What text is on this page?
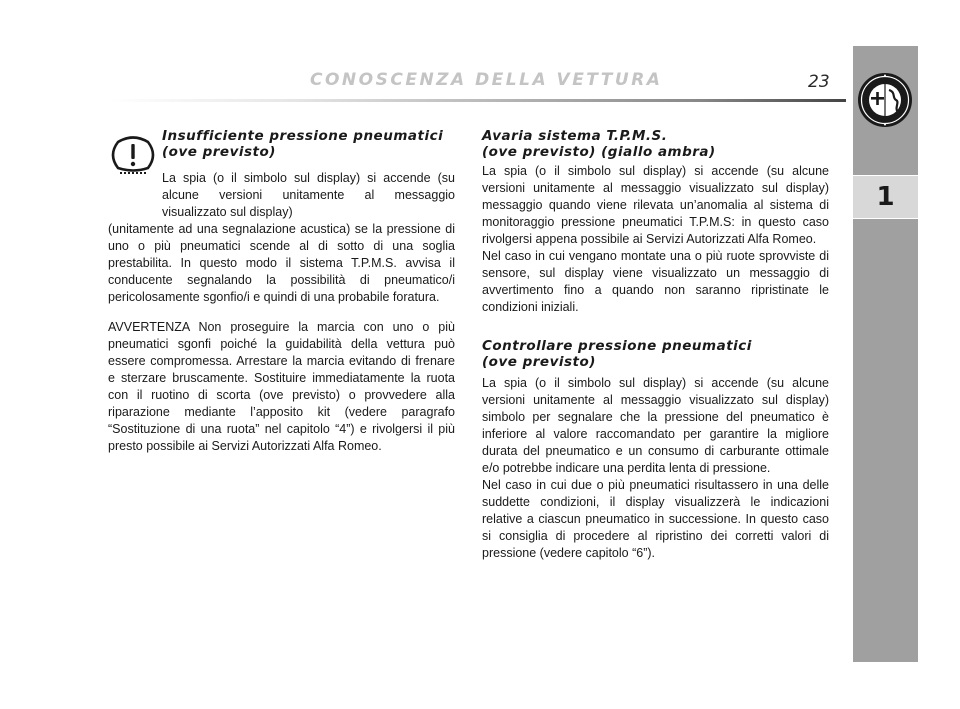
CONOSCENZA DELLA VETTURA	23
1
Insufficiente pressione pneumatici
(ove previsto)

La spia (o il simbolo sul display) si accende (su alcune versioni unitamente al messaggio visualizzato sul display)

(unitamente ad una segnalazione acustica) se la pressione di uno o più pneumatici scende al di sotto di una soglia prestabilita. In questo modo il sistema T.P.M.S. avvisa il conducente segnalando la possibilità di pneumatico/i pericolosamente sgonfio/i e quindi di una probabile foratura.

AVVERTENZA Non proseguire la marcia con uno o più pneumatici sgonfi poiché la guidabilità della vettura può essere compromessa. Arrestare la marcia evitando di frenare e sterzare bruscamente. Sostituire immediatamente la ruota con il ruotino di scorta (ove previsto) o provvedere alla riparazione mediante l’apposito kit (vedere paragrafo “Sostituzione di una ruota” nel capitolo “4”) e rivolgersi il più presto possibile ai Servizi Autorizzati Alfa Romeo.

Avaria sistema T.P.M.S.
(ove previsto) (giallo ambra)

La spia (o il simbolo sul display) si accende (su alcune versioni unitamente al messaggio visualizzato sul display) messaggio quando viene rilevata un’anomalia al sistema di monitoraggio pressione pneumatici T.P.M.S: in questo caso rivolgersi appena possibile ai Servizi Autorizzati Alfa Romeo.

Nel caso in cui vengano montate una o più ruote sprovviste di sensore, sul display viene visualizzato un messaggio di avvertimento fino a quando non saranno ripristinate le condizioni iniziali.

Controllare pressione pneumatici
(ove previsto)

La spia (o il simbolo sul display) si accende (su alcune versioni unitamente al messaggio visualizzato sul display) simbolo per segnalare che la pressione del pneumatico è inferiore al valore raccomandato per garantire la migliore durata del pneumatico e un consumo di carburante ottimale e/o potrebbe indicare una perdita lenta di pressione.

Nel caso in cui due o più pneumatici risultassero in una delle suddette condizioni, il display visualizzerà le indicazioni relative a ciascun pneumatico in successione. In questo caso si consiglia di procedere al ripristino dei corretti valori di pressione (vedere capitolo “6”).
